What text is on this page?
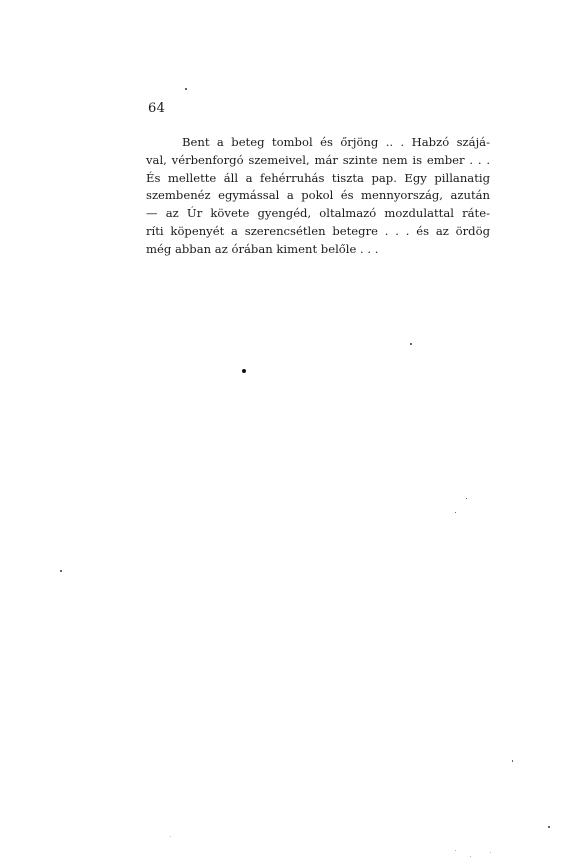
64
Bent a beteg tombol és őrjöng .. . Habzó szájá-
val, vérbenforgó szemeivel, már szinte nem is ember . . .
És mellette áll a fehérruhás tiszta pap. Egy pillanatig
szembenéz egymással a pokol és mennyország, azután
— az Úr követe gyengéd, oltalmazó mozdulattal ráte-
ríti köpenyét a szerencsétlen betegre . . . és az ördög
még abban az órában kiment belőle . . .
